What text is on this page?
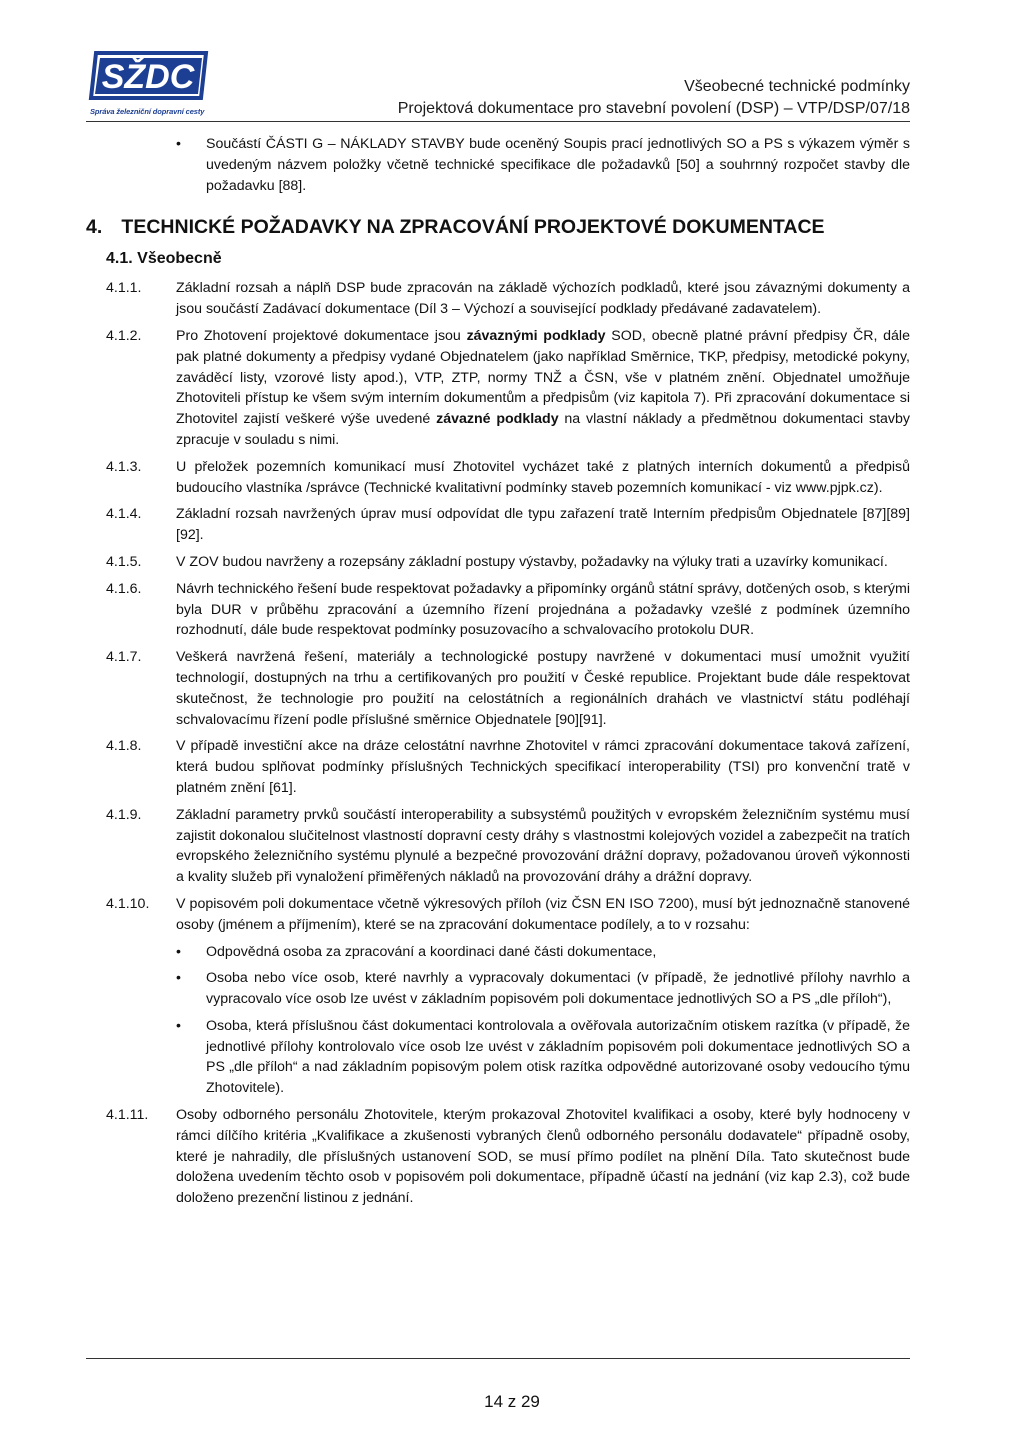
SŽDC
Správa železniční dopravní cesty
Všeobecné technické podmínky
Projektová dokumentace pro stavební povolení (DSP) – VTP/DSP/07/18
• Součástí ČÁSTI G – NÁKLADY STAVBY bude oceněný Soupis prací jednotlivých SO a PS s výkazem výměr s uvedeným názvem položky včetně technické specifikace dle požadavků [50] a souhrnný rozpočet stavby dle požadavku [88].
4. TECHNICKÉ POŽADAVKY NA ZPRACOVÁNÍ PROJEKTOVÉ DOKUMENTACE
4.1. Všeobecně
4.1.1. Základní rozsah a náplň DSP bude zpracován na základě výchozích podkladů, které jsou závaznými dokumenty a jsou součástí Zadávací dokumentace (Díl 3 – Výchozí a související podklady předávané zadavatelem).
4.1.2. Pro Zhotovení projektové dokumentace jsou závaznými podklady SOD, obecně platné právní předpisy ČR, dále pak platné dokumenty a předpisy vydané Objednatelem (jako například Směrnice, TKP, předpisy, metodické pokyny, zaváděcí listy, vzorové listy apod.), VTP, ZTP, normy TNŽ a ČSN, vše v platném znění. Objednatel umožňuje Zhotoviteli přístup ke všem svým interním dokumentům a předpisům (viz kapitola 7). Při zpracování dokumentace si Zhotovitel zajistí veškeré výše uvedené závazné podklady na vlastní náklady a předmětnou dokumentaci stavby zpracuje v souladu s nimi.
4.1.3. U přeložek pozemních komunikací musí Zhotovitel vycházet také z platných interních dokumentů a předpisů budoucího vlastníka /správce (Technické kvalitativní podmínky staveb pozemních komunikací - viz www.pjpk.cz).
4.1.4. Základní rozsah navržených úprav musí odpovídat dle typu zařazení tratě Interním předpisům Objednatele [87][89][92].
4.1.5. V ZOV budou navrženy a rozepsány základní postupy výstavby, požadavky na výluky trati a uzavírky komunikací.
4.1.6. Návrh technického řešení bude respektovat požadavky a připomínky orgánů státní správy, dotčených osob, s kterými byla DUR v průběhu zpracování a územního řízení projednána a požadavky vzešlé z podmínek územního rozhodnutí, dále bude respektovat podmínky posuzovacího a schvalovacího protokolu DUR.
4.1.7. Veškerá navržená řešení, materiály a technologické postupy navržené v dokumentaci musí umožnit využití technologií, dostupných na trhu a certifikovaných pro použití v České republice. Projektant bude dále respektovat skutečnost, že technologie pro použití na celostátních a regionálních drahách ve vlastnictví státu podléhají schvalovacímu řízení podle příslušné směrnice Objednatele [90][91].
4.1.8. V případě investiční akce na dráze celostátní navrhne Zhotovitel v rámci zpracování dokumentace taková zařízení, která budou splňovat podmínky příslušných Technických specifikací interoperability (TSI) pro konvenční tratě v platném znění [61].
4.1.9. Základní parametry prvků součástí interoperability a subsystémů použitých v evropském železničním systému musí zajistit dokonalou slučitelnost vlastností dopravní cesty dráhy s vlastnostmi kolejových vozidel a zabezpečit na tratích evropského železničního systému plynulé a bezpečné provozování drážní dopravy, požadovanou úroveň výkonnosti a kvality služeb při vynaložení přiměřených nákladů na provozování dráhy a drážní dopravy.
4.1.10. V popisovém poli dokumentace včetně výkresových příloh (viz ČSN EN ISO 7200), musí být jednoznačně stanovené osoby (jménem a příjmením), které se na zpracování dokumentace podílely, a to v rozsahu:
• Odpovědná osoba za zpracování a koordinaci dané části dokumentace,
• Osoba nebo více osob, které navrhly a vypracovaly dokumentaci (v případě, že jednotlivé přílohy navrhlo a vypracovalo více osob lze uvést v základním popisovém poli dokumentace jednotlivých SO a PS „dle příloh“),
• Osoba, která příslušnou část dokumentaci kontrolovala a ověřovala autorizačním otiskem razítka (v případě, že jednotlivé přílohy kontrolovalo více osob lze uvést v základním popisovém poli dokumentace jednotlivých SO a PS „dle příloh“ a nad základním popisovým polem otisk razítka odpovědné autorizované osoby vedoucího týmu Zhotovitele).
4.1.11. Osoby odborného personálu Zhotovitele, kterým prokazoval Zhotovitel kvalifikaci a osoby, které byly hodnoceny v rámci dílčího kritéria „Kvalifikace a zkušenosti vybraných členů odborného personálu dodavatele“ případně osoby, které je nahradily, dle příslušných ustanovení SOD, se musí přímo podílet na plnění Díla. Tato skutečnost bude doložena uvedením těchto osob v popisovém poli dokumentace, případně účastí na jednání (viz kap 2.3), což bude doloženo prezenční listinou z jednání.
14 z 29
